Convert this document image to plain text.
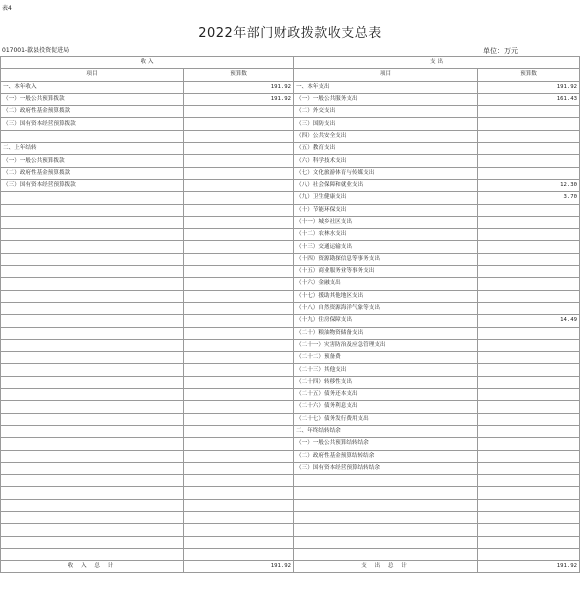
表4
2022年部门财政拨款收支总表
017001-歙县投资促进局	单位：万元
收 入		支 出	
项目	预算数	项目	预算数
一、本年收入	191.92	一、本年支出	191.92
（一）一般公共预算拨款	191.92	（一）一般公共服务支出	161.43
（二）政府性基金预算拨款		（二）外交支出	
（三）国有资本经营预算拨款		（三）国防支出	
		（四）公共安全支出	
二、上年结转		（五）教育支出	
（一）一般公共预算拨款		（六）科学技术支出	
（二）政府性基金预算拨款		（七）文化旅游体育与传媒支出	
（三）国有资本经营预算拨款		（八）社会保障和就业支出	12.30
		（九）卫生健康支出	3.70
		（十）节能环保支出	
		（十一）城乡社区支出	
		（十二）农林水支出	
		（十三）交通运输支出	
		（十四）资源勘探信息等事务支出	
		（十五）商业服务业等事务支出	
		（十六）金融支出	
		（十七）援助其他地区支出	
		（十八）自然资源海洋气象等支出	
		（十九）住房保障支出	14.49
		（二十）粮油物资储备支出	
		（二十一）灾害防治及应急管理支出	
		（二十二）预备费	
		（二十三）其他支出	
		（二十四）转移性支出	
		（二十五）债务还本支出	
		（二十六）债务利息支出	
		（二十七）债务发行费用支出	
		二、年终结转结余	
		（一）一般公共预算结转结余	
		（二）政府性基金预算结转结余	
		（三）国有资本经营预算结转结余	

收 入 总 计	191.92	支 出 总 计	191.92
